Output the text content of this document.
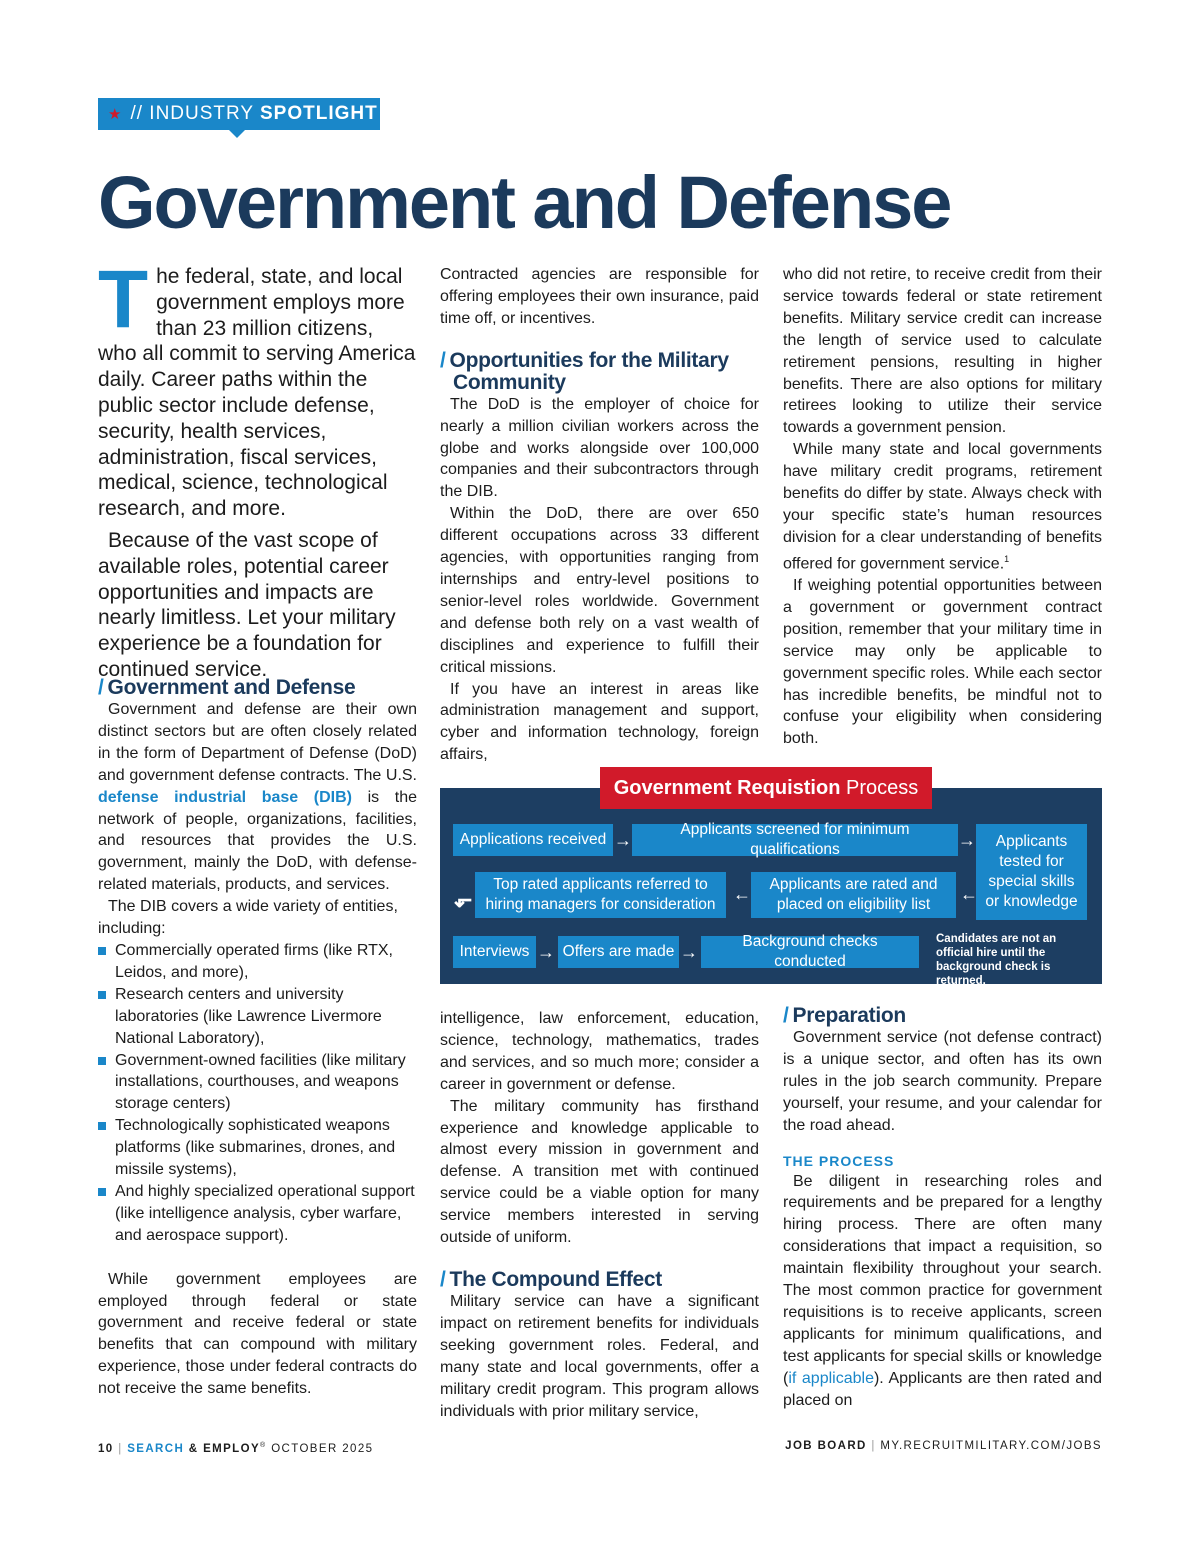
★ // INDUSTRY SPOTLIGHT
Government and Defense

The federal, state, and local government employs more than 23 million citizens, who all commit to serving America daily. Career paths within the public sector include defense, security, health services, administration, fiscal services, medical, science, technological research, and more.

Because of the vast scope of available roles, potential career opportunities and impacts are nearly limitless. Let your military experience be a foundation for continued service.

/ Government and Defense

Government and defense are their own distinct sectors but are often closely related in the form of Department of Defense (DoD) and government defense contracts. The U.S. defense industrial base (DIB) is the network of people, organizations, facilities, and resources that provides the U.S. government, mainly the DoD, with defense-related materials, products, and services.

The DIB covers a wide variety of entities, including:

Commercially operated firms (like RTX, Leidos, and more),
Research centers and university laboratories (like Lawrence Livermore National Laboratory),
Government-owned facilities (like military installations, courthouses, and weapons storage centers)
Technologically sophisticated weapons platforms (like submarines, drones, and missile systems),
And highly specialized operational support (like intelligence analysis, cyber warfare, and aerospace support).

While government employees are employed through federal or state government and receive federal or state benefits that can compound with military experience, those under federal contracts do not receive the same benefits.

Contracted agencies are responsible for offering employees their own insurance, paid time off, or incentives.

/ Opportunities for the Military Community

The DoD is the employer of choice for nearly a million civilian workers across the globe and works alongside over 100,000 companies and their subcontractors through the DIB.

Within the DoD, there are over 650 different occupations across 33 different agencies, with opportunities ranging from internships and entry-level positions to senior-level roles worldwide. Government and defense both rely on a vast wealth of disciplines and experience to fulfill their critical missions.

If you have an interest in areas like administration management and support, cyber and information technology, foreign affairs,

who did not retire, to receive credit from their service towards federal or state retirement benefits. Military service credit can increase the length of service used to calculate retirement pensions, resulting in higher benefits. There are also options for military retirees looking to utilize their service towards a government pension.

While many state and local governments have military credit programs, retirement benefits do differ by state. Always check with your specific state’s human resources division for a clear understanding of benefits offered for government service.$^1$

If weighing potential opportunities between a government or government contract position, remember that your military time in service may only be applicable to government specific roles. While each sector has incredible benefits, be mindful not to confuse your eligibility when considering both.

Government Requistion Process
Applications received →
Applicants screened for minimum qualifications	→	Applicants tested for special skills or knowledge
⬐
Top rated applicants referred to hiring managers for consideration
←	Applicants are rated and placed on eligibility list
←
Interviews → Offers are made →
Background checks conducted
Candidates are not an official hire until the background check is returned.

intelligence, law enforcement, education, science, technology, mathematics, trades and services, and so much more; consider a career in government or defense.

The military community has firsthand experience and knowledge applicable to almost every mission in government and defense. A transition met with continued service could be a viable option for many service members interested in serving outside of uniform.

/ The Compound Effect

Military service can have a significant impact on retirement benefits for individuals seeking government roles. Federal, and many state and local governments, offer a military credit program. This program allows individuals with prior military service,

/ Preparation

Government service (not defense contract) is a unique sector, and often has its own rules in the job search community. Prepare yourself, your resume, and your calendar for the road ahead.

THE PROCESS

Be diligent in researching roles and requirements and be prepared for a lengthy hiring process. There are often many considerations that impact a requisition, so maintain flexibility throughout your search. The most common practice for government requisitions is to receive applicants, screen applicants for minimum qualifications, and test applicants for special skills or knowledge (if applicable). Applicants are then rated and placed on

10 | SEARCH & EMPLOY® OCTOBER 2025	JOB BOARD | MY.RECRUITMILITARY.COM/JOBS
